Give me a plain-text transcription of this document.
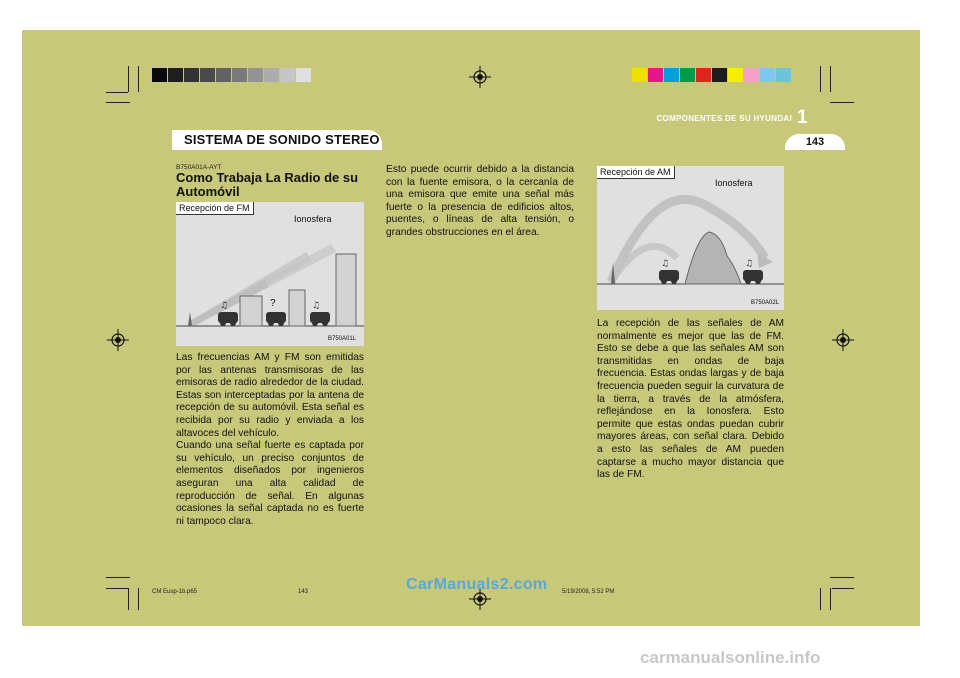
SISTEMA DE SONIDO STEREO
COMPONENTES DE SU HYUNDAI 1
143
B750A01A-AYT
Como Trabaja La Radio de su Automóvil
♫	♫
Recepción de FM
Ionosfera
?
B750A01L
Las frecuencias AM y FM son emitidas por las antenas transmisoras de las emisoras de radio alrededor de la ciudad. Estas son interceptadas por la antena de recepción de su automóvil. Esta señal es recibida por su radio y enviada a los altavoces del vehículo.
Cuando una señal fuerte es captada por su vehículo, un preciso conjuntos de elementos diseñados por ingenieros aseguran una alta calidad de reproducción de señal. En algunas ocasiones la señal captada no es fuerte ni tampoco clara.
Esto puede ocurrir debido a la distancia con la fuente emisora, o la cercanía de una emisora que emite una señal más fuerte o la presencia de edificios altos, puentes, o líneas de alta tensión, o grandes obstrucciones en el área.
♫	♫
Recepción de AM
Ionosfera
B750A02L
La recepción de las señales de AM normalmente es mejor que las de FM. Esto se debe a que las señales AM son transmitidas en ondas de baja frecuencia. Estas ondas largas y de baja frecuencia pueden seguir la curvatura de la tierra, a través de la atmósfera, reflejándose en la Ionosfera. Esto permite que estas ondas puedan cubrir mayores áreas, con señal clara. Debido a esto las señales de AM pueden captarse a mucho mayor distancia que las de FM.
CM Eusp-1b.p65	143	5/19/2008, 5:52 PM
CarManuals2.com
carmanualsonline.info
